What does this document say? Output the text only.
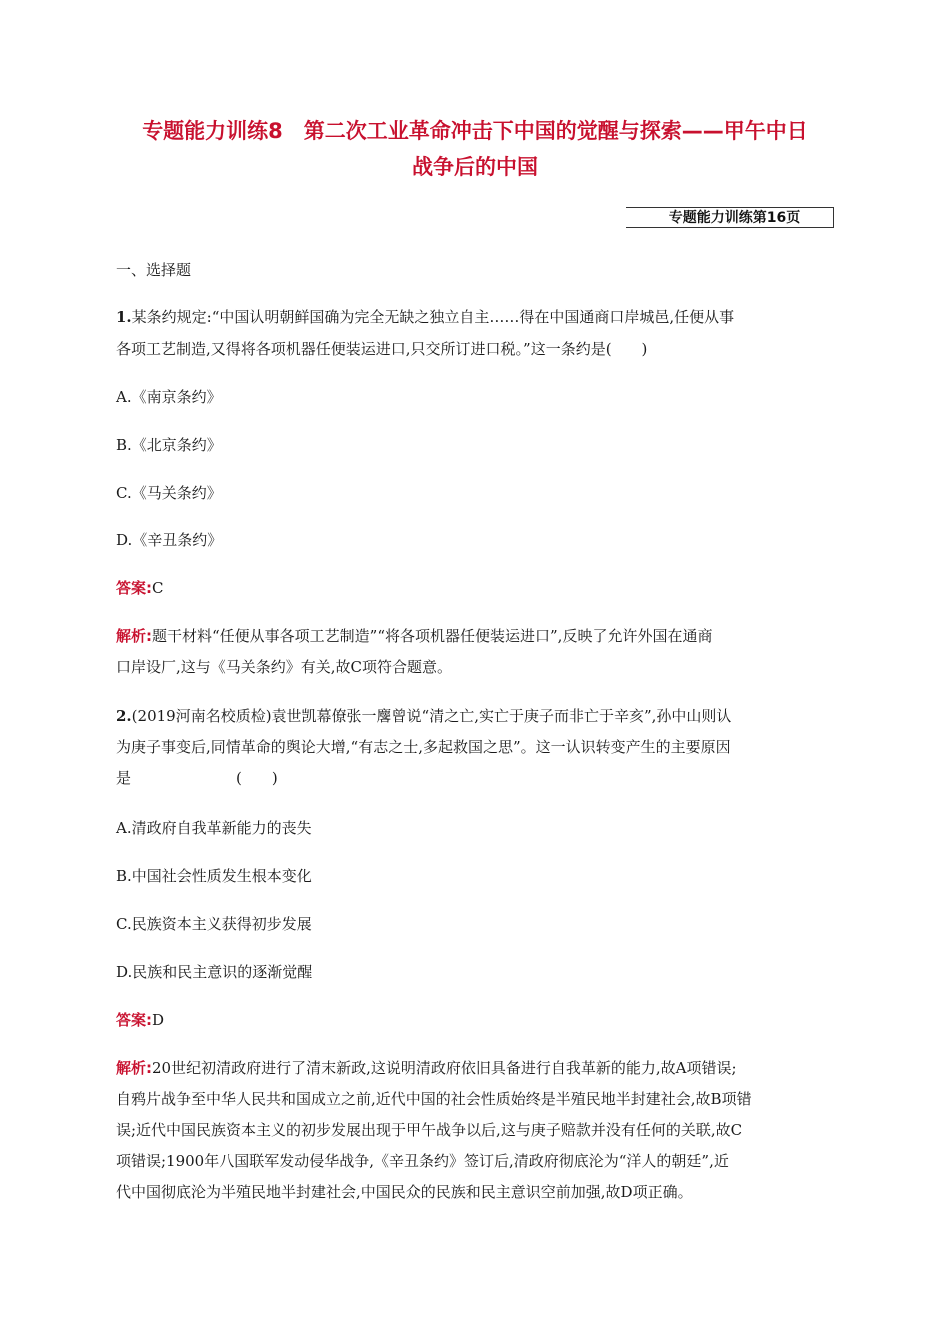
专题能力训练8　第二次工业革命冲击下中国的觉醒与探索——甲午中日
战争后的中国
专题能力训练第16页
一、选择题
1.某条约规定:“中国认明朝鲜国确为完全无缺之独立自主……得在中国通商口岸城邑,任便从事
各项工艺制造,又得将各项机器任便装运进口,只交所订进口税。”这一条约是(　　)
A.《南京条约》
B.《北京条约》
C.《马关条约》
D.《辛丑条约》
答案:C
解析:题干材料“任便从事各项工艺制造”“将各项机器任便装运进口”,反映了允许外国在通商
口岸设厂,这与《马关条约》有关,故C项符合题意。
2.(2019河南名校质检)袁世凯幕僚张一麐曾说“清之亡,实亡于庚子而非亡于辛亥”,孙中山则认
为庚子事变后,同情革命的舆论大增,“有志之士,多起救国之思”。这一认识转变产生的主要原因
是　　　　　　　(　　)
A.清政府自我革新能力的丧失
B.中国社会性质发生根本变化
C.民族资本主义获得初步发展
D.民族和民主意识的逐渐觉醒
答案:D
解析:20世纪初清政府进行了清末新政,这说明清政府依旧具备进行自我革新的能力,故A项错误;
自鸦片战争至中华人民共和国成立之前,近代中国的社会性质始终是半殖民地半封建社会,故B项错
误;近代中国民族资本主义的初步发展出现于甲午战争以后,这与庚子赔款并没有任何的关联,故C
项错误;1900年八国联军发动侵华战争,《辛丑条约》签订后,清政府彻底沦为“洋人的朝廷”,近
代中国彻底沦为半殖民地半封建社会,中国民众的民族和民主意识空前加强,故D项正确。
